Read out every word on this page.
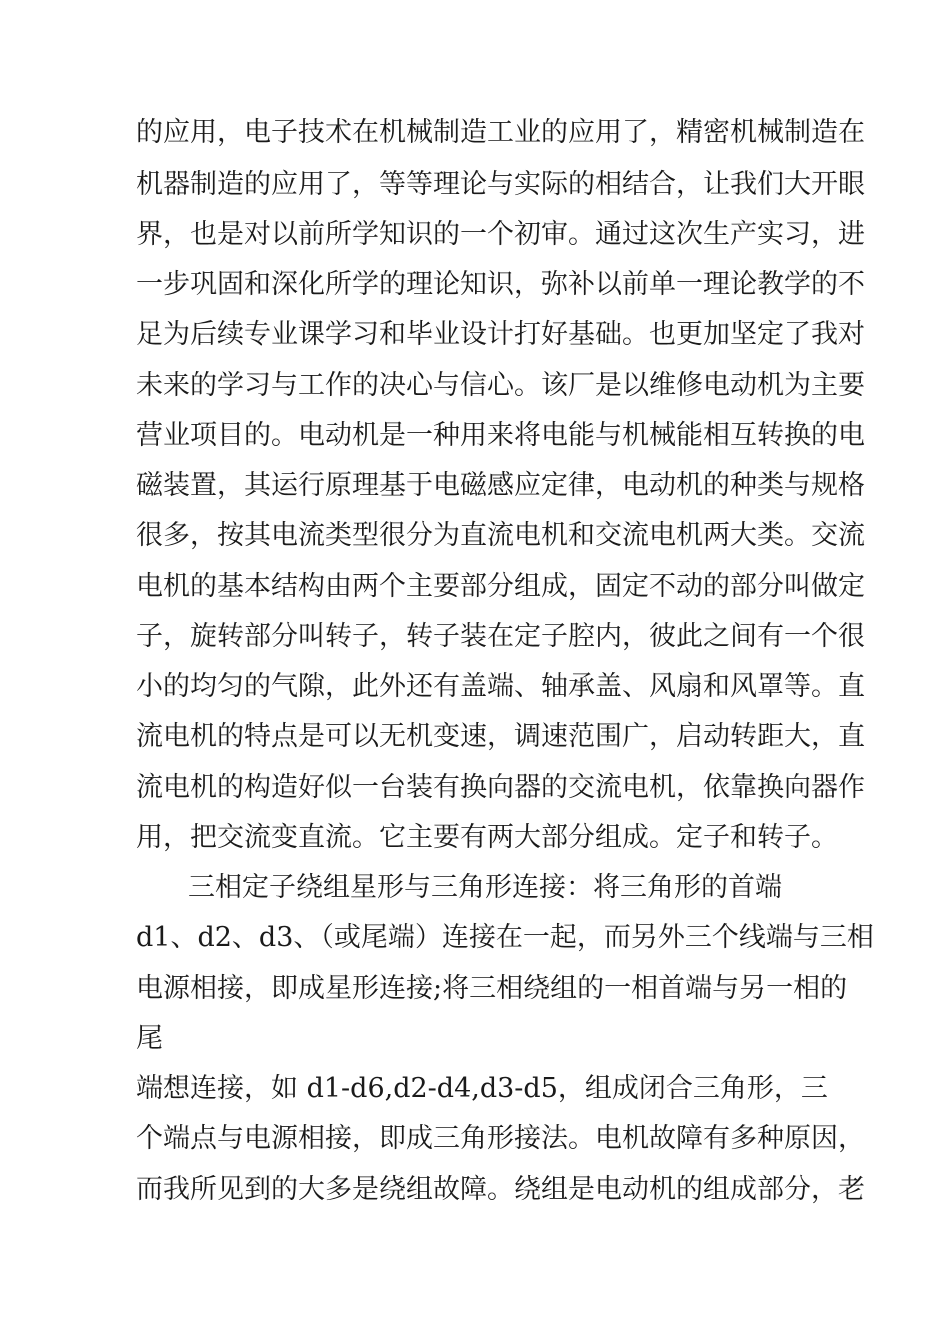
的应用，电子技术在机械制造工业的应用了，精密机械制造在
机器制造的应用了，等等理论与实际的相结合，让我们大开眼
界，也是对以前所学知识的一个初审。通过这次生产实习，进
一步巩固和深化所学的理论知识，弥补以前单一理论教学的不
足为后续专业课学习和毕业设计打好基础。也更加坚定了我对
未来的学习与工作的决心与信心。该厂是以维修电动机为主要
营业项目的。电动机是一种用来将电能与机械能相互转换的电
磁装置，其运行原理基于电磁感应定律，电动机的种类与规格
很多，按其电流类型很分为直流电机和交流电机两大类。交流
电机的基本结构由两个主要部分组成，固定不动的部分叫做定
子，旋转部分叫转子，转子装在定子腔内，彼此之间有一个很
小的均匀的气隙，此外还有盖端、轴承盖、风扇和风罩等。直
流电机的特点是可以无机变速，调速范围广，启动转距大，直
流电机的构造好似一台装有换向器的交流电机，依靠换向器作
用，把交流变直流。它主要有两大部分组成。定子和转子。
三相定子绕组星形与三角形连接：将三角形的首端
d1、d2、d3、（或尾端）连接在一起，而另外三个线端与三相
电源相接，即成星形连接;将三相绕组的一相首端与另一相的
尾
端想连接，如 d1-d6,d2-d4,d3-d5，组成闭合三角形，三
个端点与电源相接，即成三角形接法。电机故障有多种原因，
而我所见到的大多是绕组故障。绕组是电动机的组成部分，老
